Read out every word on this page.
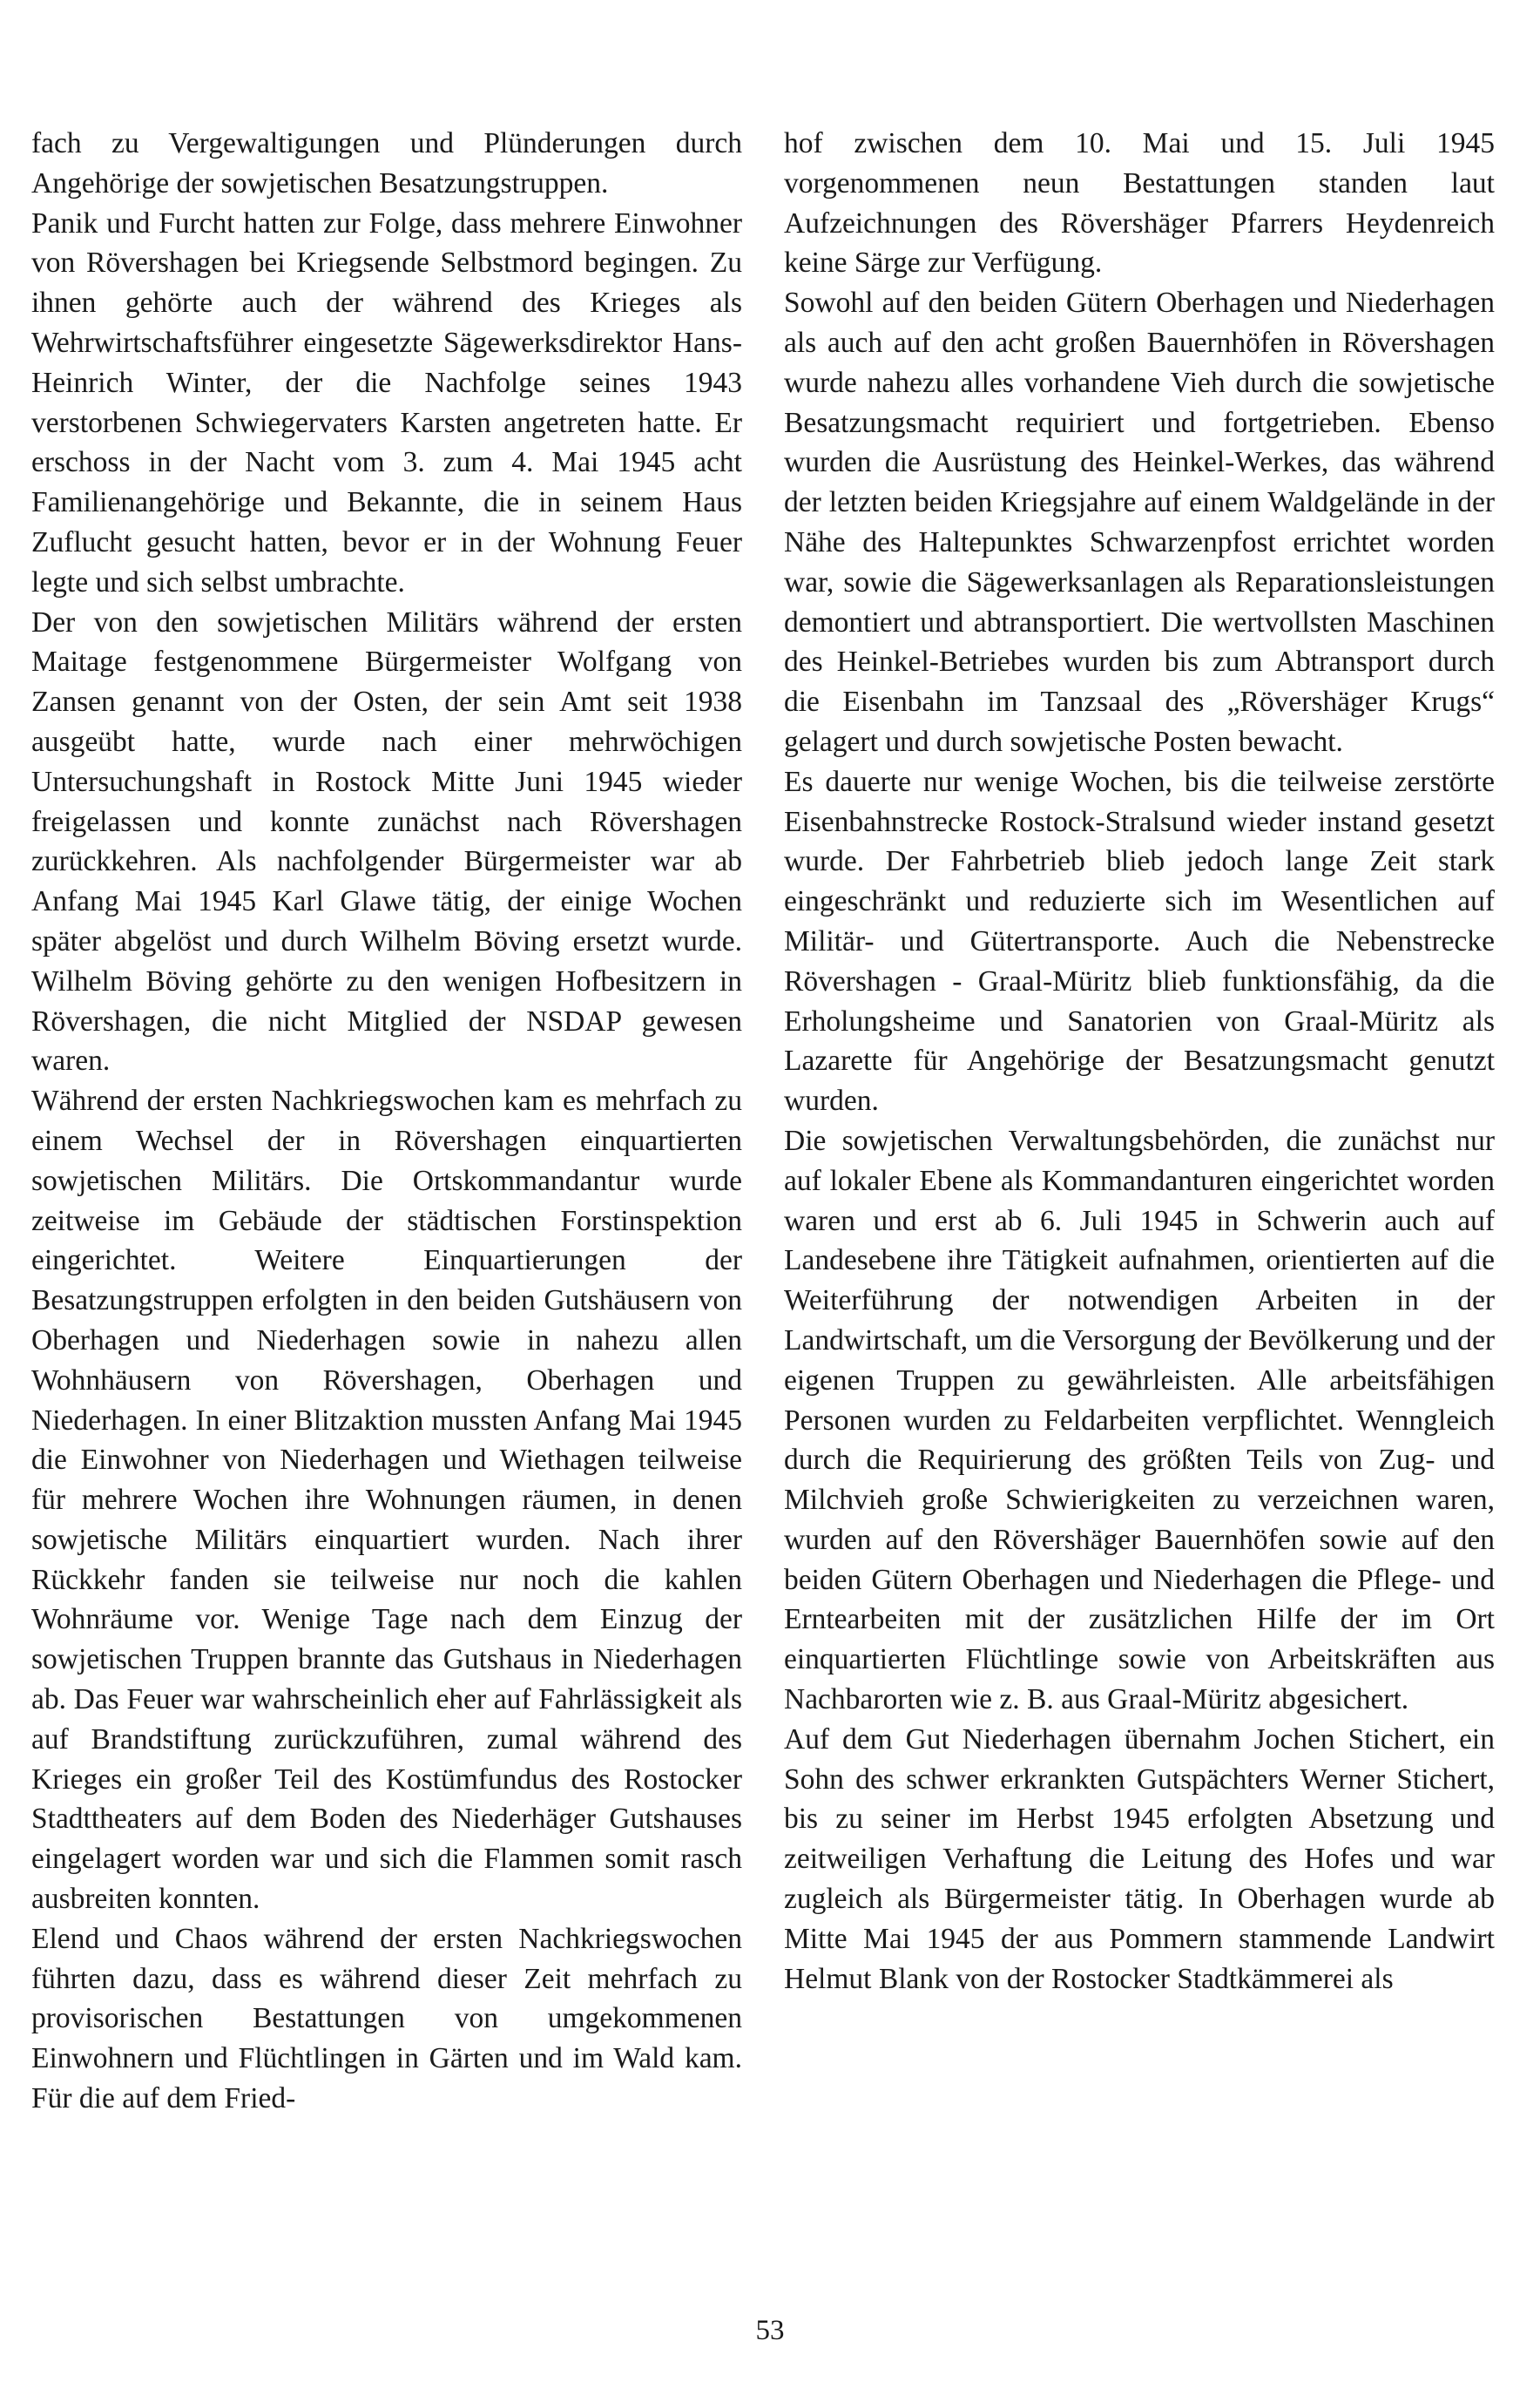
fach zu Vergewaltigungen und Plünderungen durch Angehörige der sowjetischen Besatzungstruppen.

Panik und Furcht hatten zur Folge, dass mehrere Einwohner von Rövershagen bei Kriegsende Selbstmord begingen. Zu ihnen gehörte auch der während des Krieges als Wehrwirtschaftsführer eingesetzte Sägewerksdirektor Hans-Heinrich Winter, der die Nachfolge seines 1943 verstorbenen Schwiegervaters Karsten angetreten hatte. Er erschoss in der Nacht vom 3. zum 4. Mai 1945 acht Familienangehörige und Bekannte, die in seinem Haus Zuflucht gesucht hatten, bevor er in der Wohnung Feuer legte und sich selbst umbrachte.

Der von den sowjetischen Militärs während der ersten Maitage festgenommene Bürgermeister Wolfgang von Zansen genannt von der Osten, der sein Amt seit 1938 ausgeübt hatte, wurde nach einer mehrwöchigen Untersuchungshaft in Rostock Mitte Juni 1945 wieder freigelassen und konnte zunächst nach Rövershagen zurückkehren. Als nachfolgender Bürgermeister war ab Anfang Mai 1945 Karl Glawe tätig, der einige Wochen später abgelöst und durch Wilhelm Böving ersetzt wurde. Wilhelm Böving gehörte zu den wenigen Hofbesitzern in Rövershagen, die nicht Mitglied der NSDAP gewesen waren.

Während der ersten Nachkriegswochen kam es mehrfach zu einem Wechsel der in Rövershagen einquartierten sowjetischen Militärs. Die Ortskommandantur wurde zeitweise im Gebäude der städtischen Forstinspektion eingerichtet. Weitere Einquartierungen der Besatzungstruppen erfolgten in den beiden Gutshäusern von Oberhagen und Niederhagen sowie in nahezu allen Wohnhäusern von Rövershagen, Oberhagen und Niederhagen. In einer Blitzaktion mussten Anfang Mai 1945 die Einwohner von Niederhagen und Wiethagen teilweise für mehrere Wochen ihre Wohnungen räumen, in denen sowjetische Militärs einquartiert wurden. Nach ihrer Rückkehr fanden sie teilweise nur noch die kahlen Wohnräume vor. Wenige Tage nach dem Einzug der sowjetischen Truppen brannte das Gutshaus in Niederhagen ab. Das Feuer war wahrscheinlich eher auf Fahrlässigkeit als auf Brandstiftung zurückzuführen, zumal während des Krieges ein großer Teil des Kostümfundus des Rostocker Stadttheaters auf dem Boden des Niederhäger Gutshauses eingelagert worden war und sich die Flammen somit rasch ausbreiten konnten.

Elend und Chaos während der ersten Nachkriegswochen führten dazu, dass es während dieser Zeit mehrfach zu provisorischen Bestattungen von umgekommenen Einwohnern und Flüchtlingen in Gärten und im Wald kam. Für die auf dem Fried-

hof zwischen dem 10. Mai und 15. Juli 1945 vorgenommenen neun Bestattungen standen laut Aufzeichnungen des Rövershäger Pfarrers Heydenreich keine Särge zur Verfügung.

Sowohl auf den beiden Gütern Oberhagen und Niederhagen als auch auf den acht großen Bauernhöfen in Rövershagen wurde nahezu alles vorhandene Vieh durch die sowjetische Besatzungsmacht requiriert und fortgetrieben. Ebenso wurden die Ausrüstung des Heinkel-Werkes, das während der letzten beiden Kriegsjahre auf einem Waldgelände in der Nähe des Haltepunktes Schwarzenpfost errichtet worden war, sowie die Sägewerksanlagen als Reparationsleistungen demontiert und abtransportiert. Die wertvollsten Maschinen des Heinkel-Betriebes wurden bis zum Abtransport durch die Eisenbahn im Tanzsaal des „Rövershäger Krugs“ gelagert und durch sowjetische Posten bewacht.

Es dauerte nur wenige Wochen, bis die teilweise zerstörte Eisenbahnstrecke Rostock-Stralsund wieder instand gesetzt wurde. Der Fahrbetrieb blieb jedoch lange Zeit stark eingeschränkt und reduzierte sich im Wesentlichen auf Militär- und Gütertransporte. Auch die Nebenstrecke Rövershagen - Graal-Müritz blieb funktionsfähig, da die Erholungsheime und Sanatorien von Graal-Müritz als Lazarette für Angehörige der Besatzungsmacht genutzt wurden.

Die sowjetischen Verwaltungsbehörden, die zunächst nur auf lokaler Ebene als Kommandanturen eingerichtet worden waren und erst ab 6. Juli 1945 in Schwerin auch auf Landesebene ihre Tätigkeit aufnahmen, orientierten auf die Weiterführung der notwendigen Arbeiten in der Landwirtschaft, um die Versorgung der Bevölkerung und der eigenen Truppen zu gewährleisten. Alle arbeitsfähigen Personen wurden zu Feldarbeiten verpflichtet. Wenngleich durch die Requirierung des größten Teils von Zug- und Milchvieh große Schwierigkeiten zu verzeichnen waren, wurden auf den Rövershäger Bauernhöfen sowie auf den beiden Gütern Oberhagen und Niederhagen die Pflege- und Erntearbeiten mit der zusätzlichen Hilfe der im Ort einquartierten Flüchtlinge sowie von Arbeitskräften aus Nachbarorten wie z. B. aus Graal-Müritz abgesichert.

Auf dem Gut Niederhagen übernahm Jochen Stichert, ein Sohn des schwer erkrankten Gutspächters Werner Stichert, bis zu seiner im Herbst 1945 erfolgten Absetzung und zeitweiligen Verhaftung die Leitung des Hofes und war zugleich als Bürgermeister tätig. In Oberhagen wurde ab Mitte Mai 1945 der aus Pommern stammende Landwirt Helmut Blank von der Rostocker Stadtkämmerei als

53
